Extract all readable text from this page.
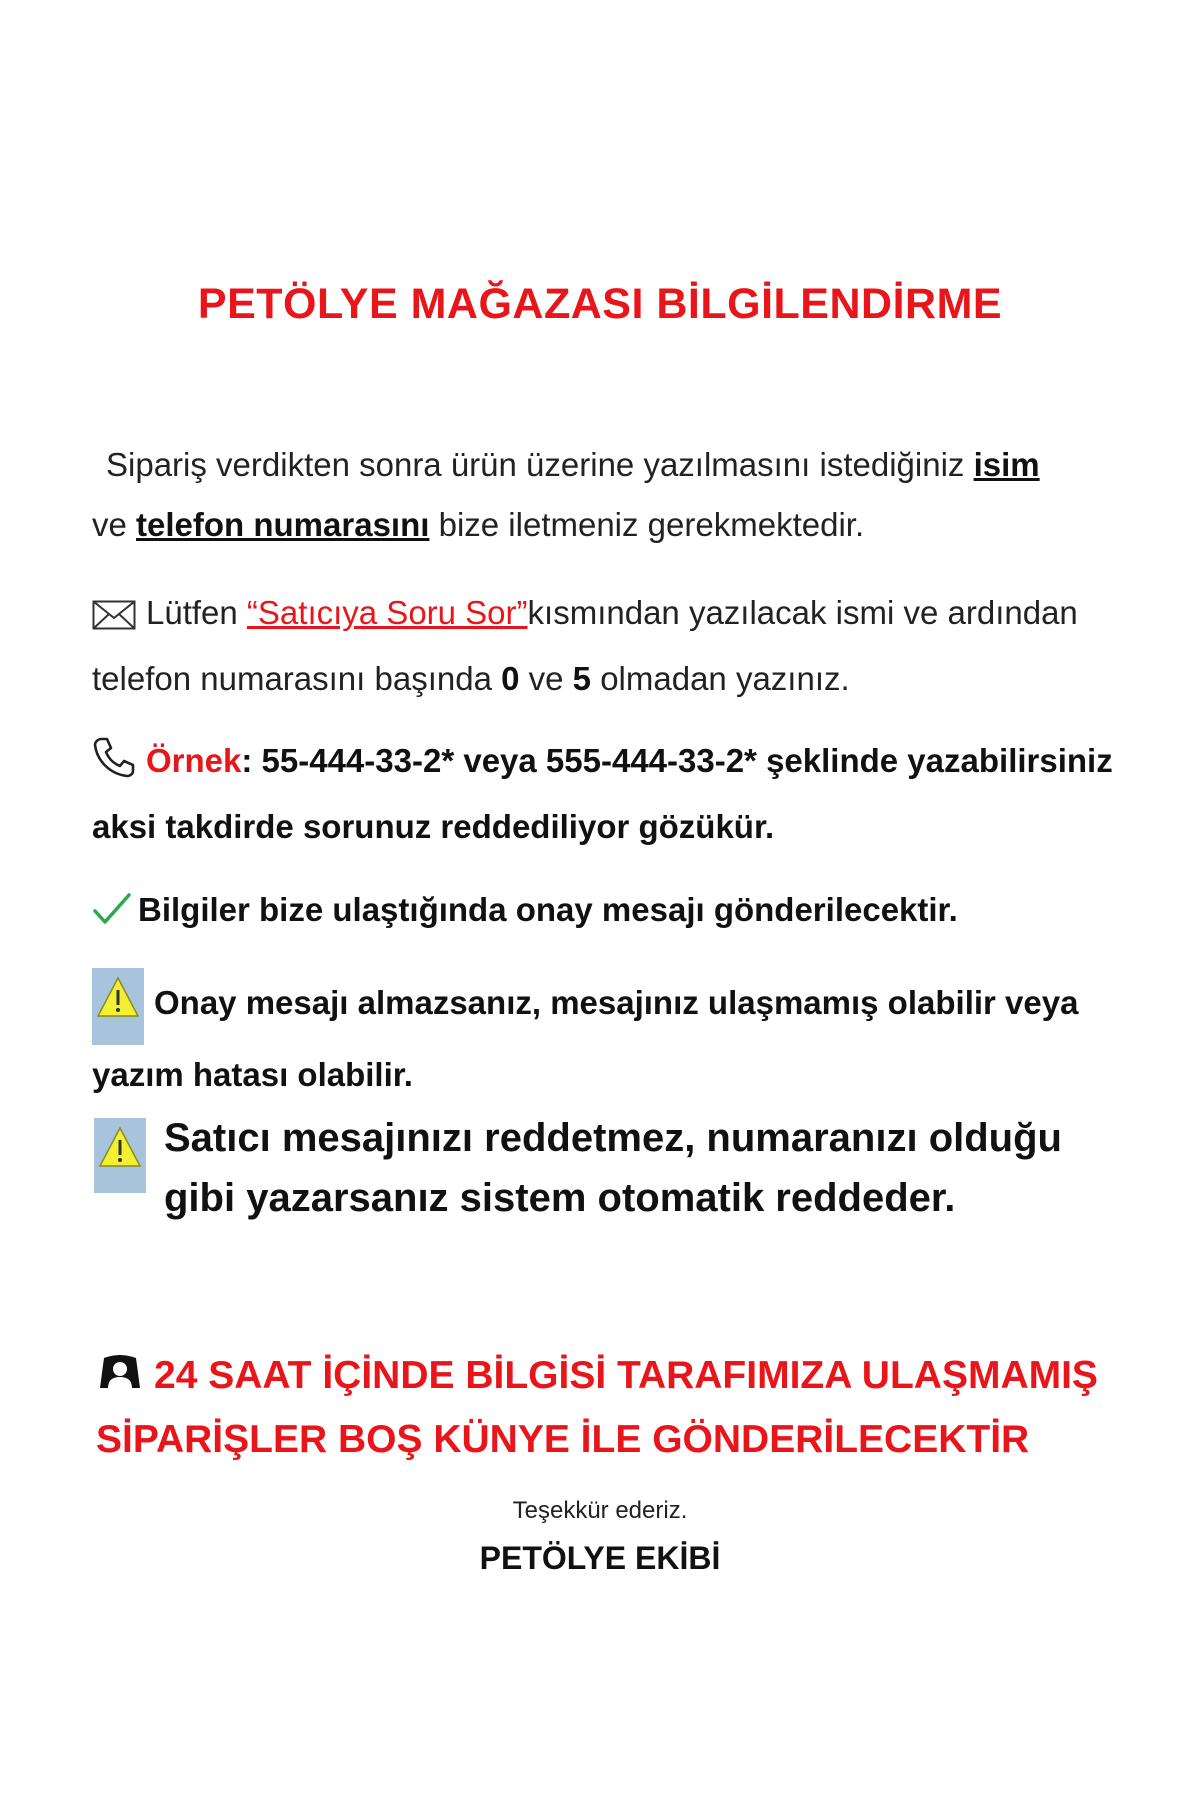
PETÖLYE MAĞAZASI BİLGİLENDİRME
Sipariş verdikten sonra ürün üzerine yazılmasını istediğiniz isim
ve telefon numarasını bize iletmeniz gerekmektedir.
Lütfen “Satıcıya Soru Sor”kısmından yazılacak ismi ve ardından telefon numarasını başında 0 ve 5 olmadan yazınız.
Örnek: 55-444-33-2* veya 555-444-33-2* şeklinde yazabilirsiniz aksi takdirde sorunuz reddediliyor gözükür.
Bilgiler bize ulaştığında onay mesajı gönderilecektir.
Onay mesajı almazsanız, mesajınız ulaşmamış olabilir veya yazım hatası olabilir.
Satıcı mesajınızı reddetmez, numaranızı olduğu gibi yazarsanız sistem otomatik reddeder.
24 SAAT İÇİNDE BİLGİSİ TARAFIMIZA ULAŞMAMIŞ
SİPARİŞLER BOŞ KÜNYE İLE GÖNDERİLECEKTİR
Teşekkür ederiz.
PETÖLYE EKİBİ
